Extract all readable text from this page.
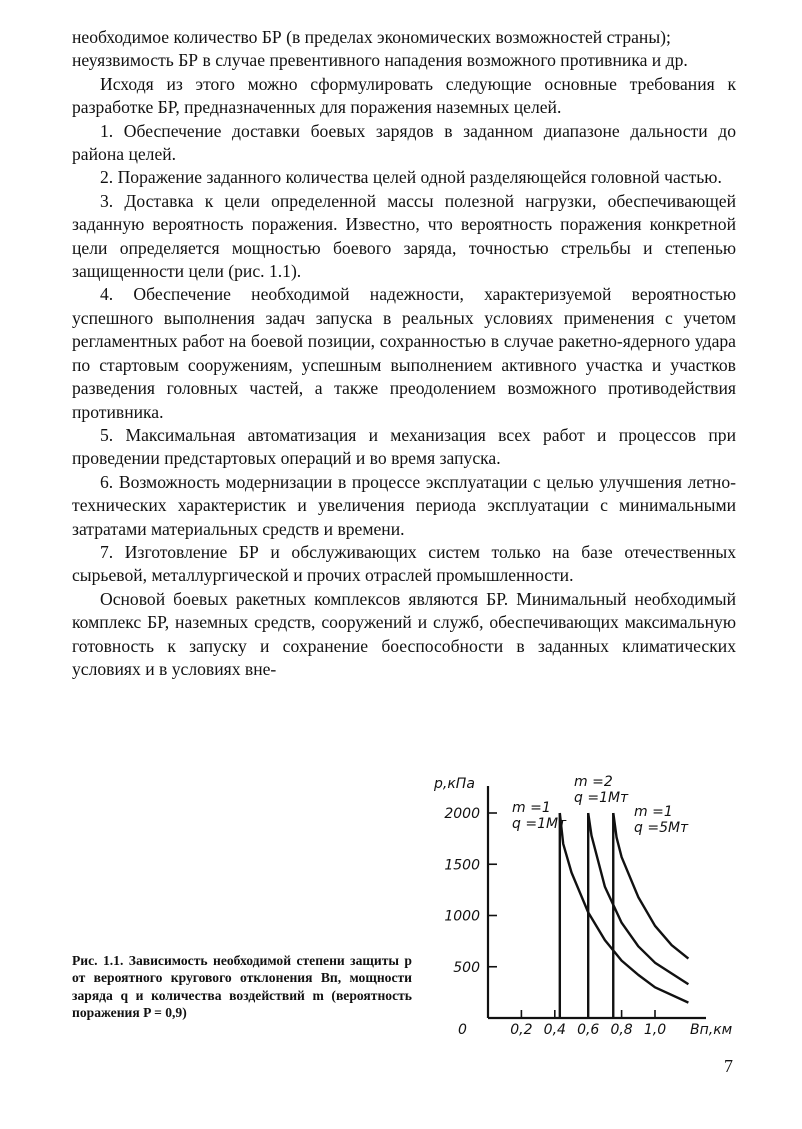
необходимое количество БР (в пределах экономических возможностей страны);

неуязвимость БР в случае превентивного нападения возможного противника и др.

Исходя из этого можно сформулировать следующие основные требования к разработке БР, предназначенных для поражения наземных целей.

1. Обеспечение доставки боевых зарядов в заданном диапазоне дальности до района целей.

2. Поражение заданного количества целей одной разделяющейся головной частью.

3. Доставка к цели определенной массы полезной нагрузки, обеспечивающей заданную вероятность поражения. Известно, что вероятность поражения конкретной цели определяется мощностью боевого заряда, точностью стрельбы и степенью защищенности цели (рис. 1.1).

4. Обеспечение необходимой надежности, характеризуемой вероятностью успешного выполнения задач запуска в реальных условиях применения с учетом регламентных работ на боевой позиции, сохранностью в случае ракетно-ядерного удара по стартовым сооружениям, успешным выполнением активного участка и участков разведения головных частей, а также преодолением возможного противодействия противника.

5. Максимальная автоматизация и механизация всех работ и процессов при проведении предстартовых операций и во время запуска.

6. Возможность модернизации в процессе эксплуатации с целью улучшения летно-технических характеристик и увеличения периода эксплуатации с минимальными затратами материальных средств и времени.

7. Изготовление БР и обслуживающих систем только на базе отечественных сырьевой, металлургической и прочих отраслей промышленности.

Основой боевых ракетных комплексов являются БР. Минимальный необходимый комплекс БР, наземных средств, сооружений и служб, обеспечивающих максимальную готовность к запуску и сохранение боеспособности в заданных климатических условиях и в условиях вне-

p,кПа
0	Bп,км
500
1000
1500
2000
0,2 0,4 0,6 0,8 1,0
m =1
q =1Mт
m =2
q =1Mт
m =1
q =5Mт
Рис. 1.1. Зависимость необходимой степени защиты p от вероятного кругового отклонения Bп, мощности заряда q и количества воздействий m (вероятность поражения P = 0,9)
7
